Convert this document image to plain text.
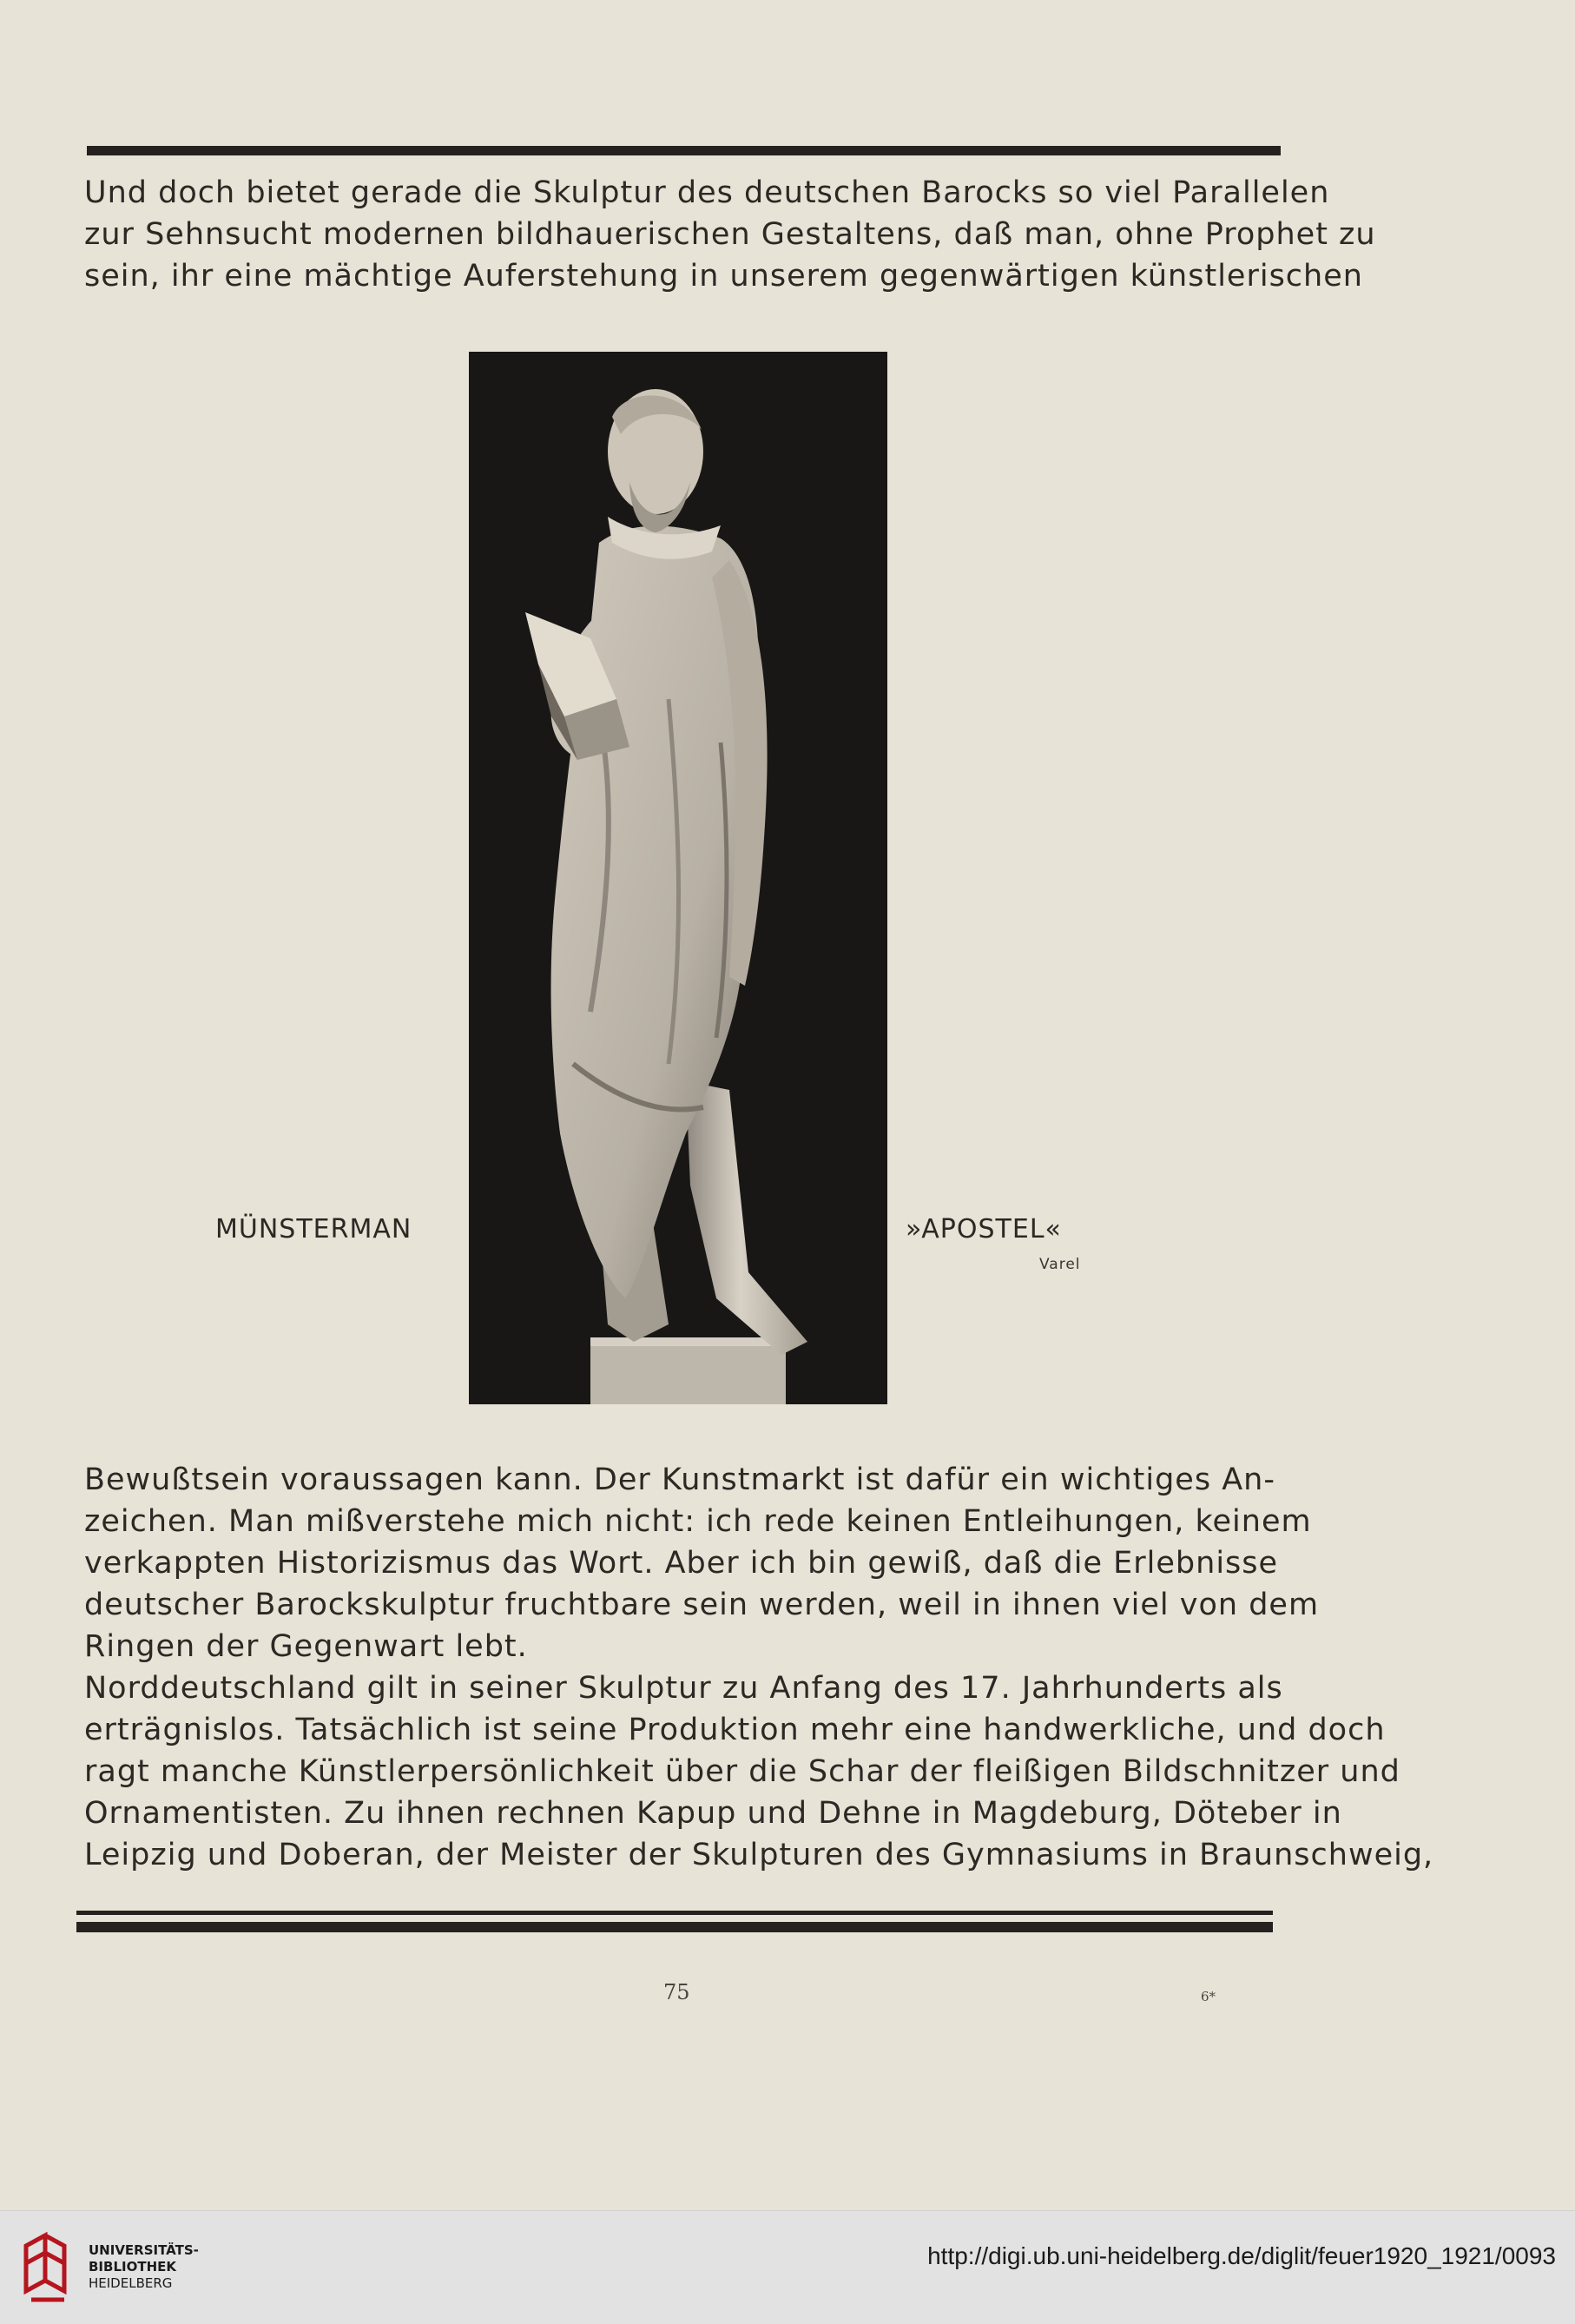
Und doch bietet gerade die Skulptur des deutschen Barocks so viel Parallelen
zur Sehnsucht modernen bildhauerischen Gestaltens, daß man, ohne Prophet zu
sein, ihr eine mächtige Auferstehung in unserem gegenwärtigen künstlerischen
MÜNSTERMAN	»APOSTEL«
Varel
Bewußtsein voraussagen kann. Der Kunstmarkt ist dafür ein wichtiges An-
zeichen. Man mißverstehe mich nicht: ich rede keinen Entleihungen, keinem
verkappten Historizismus das Wort. Aber ich bin gewiß, daß die Erlebnisse
deutscher Barockskulptur fruchtbare sein werden, weil in ihnen viel von dem
Ringen der Gegenwart lebt.
Norddeutschland gilt in seiner Skulptur zu Anfang des 17. Jahrhunderts als
erträgnislos. Tatsächlich ist seine Produktion mehr eine handwerkliche, und doch
ragt manche Künstlerpersönlichkeit über die Schar der fleißigen Bildschnitzer und
Ornamentisten. Zu ihnen rechnen Kapup und Dehne in Magdeburg, Döteber in
Leipzig und Doberan, der Meister der Skulpturen des Gymnasiums in Braunschweig,
75	6*
UNIVERSITÄTS-
BIBLIOTHEK
HEIDELBERG
http://digi.ub.uni-heidelberg.de/diglit/feuer1920_1921/0093
